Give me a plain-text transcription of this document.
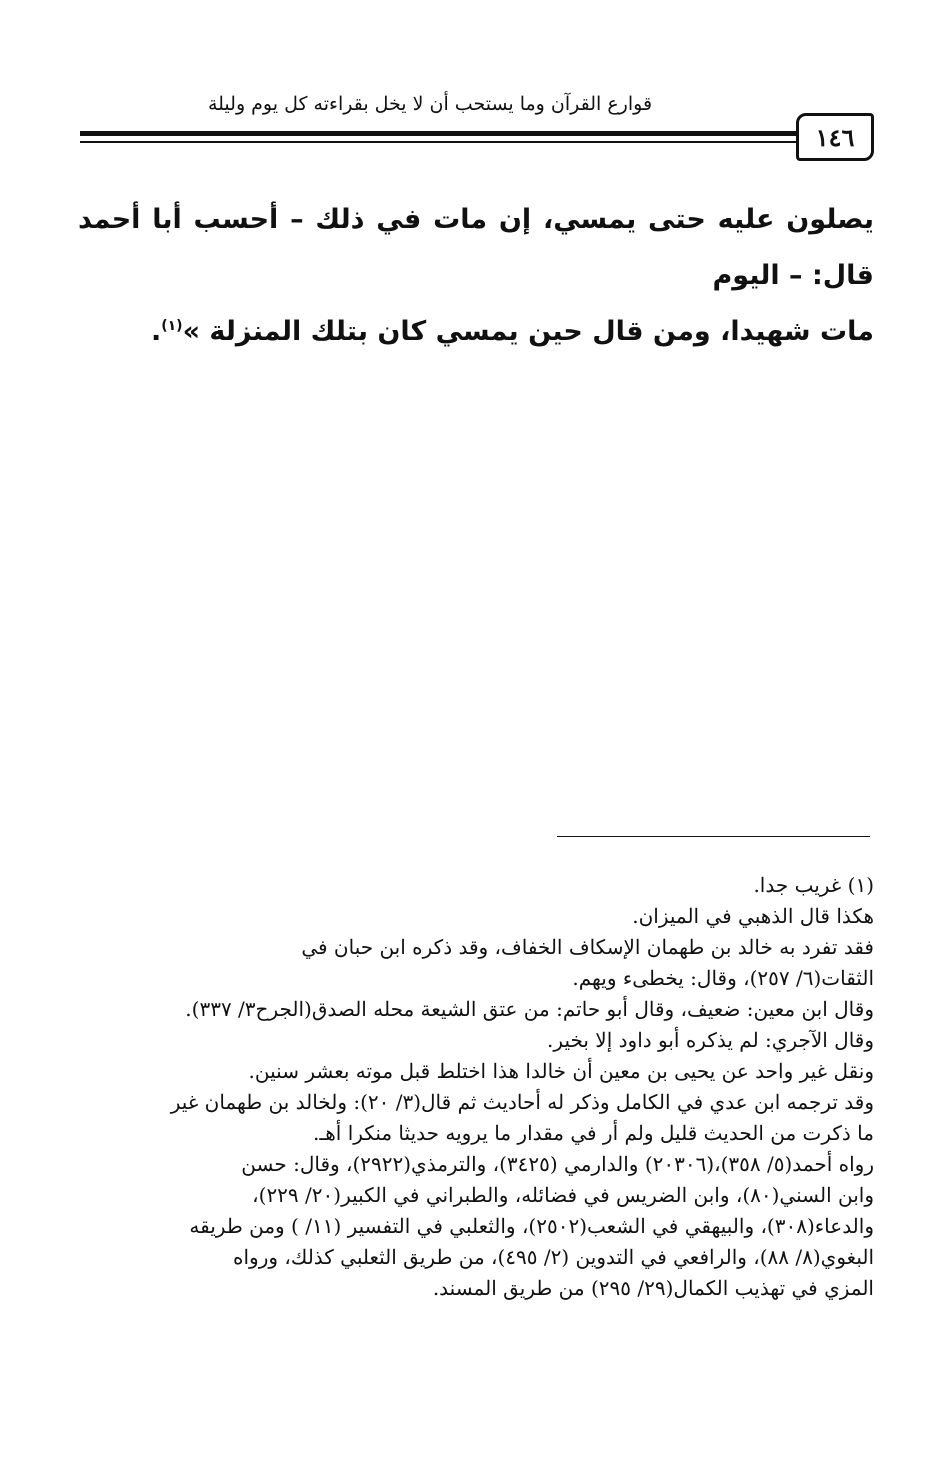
قوارع القرآن وما يستحب أن لا يخل بقراءته كل يوم وليلة
١٤٦

يصلون عليه حتى يمسي، إن مات في ذلك – أحسب أبا أحمد قال: – اليوم

مات شهيدا، ومن قال حين يمسي كان بتلك المنزلة »$^{(١)}$.

(١) غريب جدا.

هكذا قال الذهبي في الميزان.

فقد تفرد به خالد بن طهمان الإسكاف الخفاف، وقد ذكره ابن حبان في

الثقات(٦/ ٢٥٧)، وقال: يخطىء ويهم.

وقال ابن معين: ضعيف، وقال أبو حاتم: من عتق الشيعة محله الصدق(الجرح٣/ ٣٣٧).

وقال الآجري: لم يذكره أبو داود إلا بخير.

ونقل غير واحد عن يحيى بن معين أن خالدا هذا اختلط قبل موته بعشر سنين.

وقد ترجمه ابن عدي في الكامل وذكر له أحاديث ثم قال(٣/ ٢٠): ولخالد بن طهمان غير

ما ذكرت من الحديث قليل ولم أر في مقدار ما يرويه حديثا منكرا أهـ.

رواه أحمد(٥/ ٣٥٨)،(٢٠٣٠٦) والدارمي (٣٤٢٥)، والترمذي(٢٩٢٢)، وقال: حسن

وابن السني(٨٠)، وابن الضريس في فضائله، والطبراني في الكبير(٢٠/ ٢٢٩)،

والدعاء(٣٠٨)، والبيهقي في الشعب(٢٥٠٢)، والثعلبي في التفسير (١١/ ) ومن طريقه

البغوي(٨/ ٨٨)، والرافعي في التدوين (٢/ ٤٩٥)، من طريق الثعلبي كذلك، ورواه

المزي في تهذيب الكمال(٢٩/ ٢٩٥) من طريق المسند.
